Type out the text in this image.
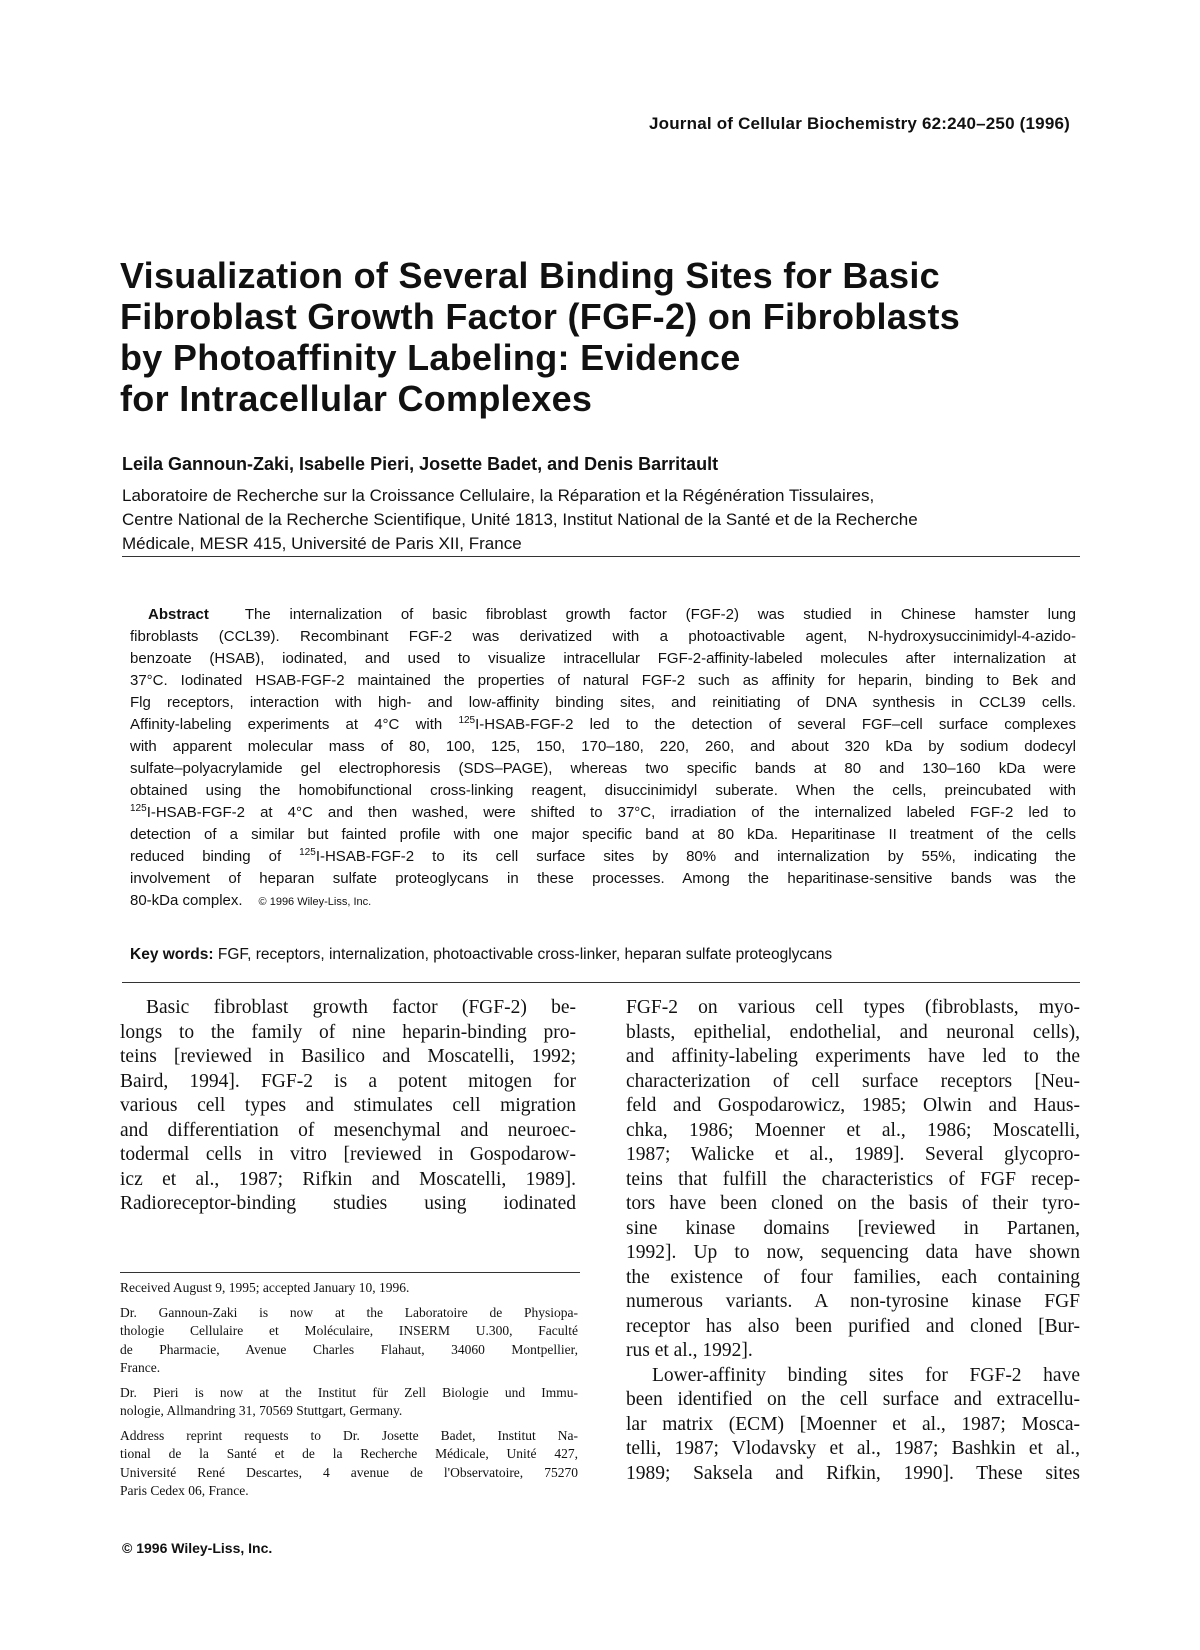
Journal of Cellular Biochemistry 62:240–250 (1996)
Visualization of Several Binding Sites for Basic
Fibroblast Growth Factor (FGF-2) on Fibroblasts
by Photoaffinity Labeling: Evidence
for Intracellular Complexes
Leila Gannoun-Zaki, Isabelle Pieri, Josette Badet, and Denis Barritault
Laboratoire de Recherche sur la Croissance Cellulaire, la Réparation et la Régénération Tissulaires,
Centre National de la Recherche Scientifique, Unité 1813, Institut National de la Santé et de la Recherche
Médicale, MESR 415, Université de Paris XII, France
Abstract The internalization of basic fibroblast growth factor (FGF-2) was studied in Chinese hamster lung
fibroblasts (CCL39). Recombinant FGF-2 was derivatized with a photoactivable agent, N-hydroxysuccinimidyl-4-azido-
benzoate (HSAB), iodinated, and used to visualize intracellular FGF-2-affinity-labeled molecules after internalization at
37°C. Iodinated HSAB-FGF-2 maintained the properties of natural FGF-2 such as affinity for heparin, binding to Bek and
Flg receptors, interaction with high- and low-affinity binding sites, and reinitiating of DNA synthesis in CCL39 cells.
Affinity-labeling experiments at 4°C with $^{125}$I-HSAB-FGF-2 led to the detection of several FGF–cell surface complexes
with apparent molecular mass of 80, 100, 125, 150, 170–180, 220, 260, and about 320 kDa by sodium dodecyl
sulfate–polyacrylamide gel electrophoresis (SDS–PAGE), whereas two specific bands at 80 and 130–160 kDa were
obtained using the homobifunctional cross-linking reagent, disuccinimidyl suberate. When the cells, preincubated with
$^{125}$I-HSAB-FGF-2 at 4°C and then washed, were shifted to 37°C, irradiation of the internalized labeled FGF-2 led to
detection of a similar but fainted profile with one major specific band at 80 kDa. Heparitinase II treatment of the cells
reduced binding of $^{125}$I-HSAB-FGF-2 to its cell surface sites by 80% and internalization by 55%, indicating the
involvement of heparan sulfate proteoglycans in these processes. Among the heparitinase-sensitive bands was the
80-kDa complex. © 1996 Wiley-Liss, Inc.
Key words: FGF, receptors, internalization, photoactivable cross-linker, heparan sulfate proteoglycans
Basic fibroblast growth factor (FGF-2) be-
longs to the family of nine heparin-binding pro-
teins [reviewed in Basilico and Moscatelli, 1992;
Baird, 1994]. FGF-2 is a potent mitogen for
various cell types and stimulates cell migration
and differentiation of mesenchymal and neuroec-
todermal cells in vitro [reviewed in Gospodarow-
icz et al., 1987; Rifkin and Moscatelli, 1989].
Radioreceptor-binding studies using iodinated
FGF-2 on various cell types (fibroblasts, myo-
blasts, epithelial, endothelial, and neuronal cells),
and affinity-labeling experiments have led to the
characterization of cell surface receptors [Neu-
feld and Gospodarowicz, 1985; Olwin and Haus-
chka, 1986; Moenner et al., 1986; Moscatelli,
1987; Walicke et al., 1989]. Several glycopro-
teins that fulfill the characteristics of FGF recep-
tors have been cloned on the basis of their tyro-
sine kinase domains [reviewed in Partanen,
1992]. Up to now, sequencing data have shown
the existence of four families, each containing
numerous variants. A non-tyrosine kinase FGF
receptor has also been purified and cloned [Bur-
rus et al., 1992].
Lower-affinity binding sites for FGF-2 have
been identified on the cell surface and extracellu-
lar matrix (ECM) [Moenner et al., 1987; Mosca-
telli, 1987; Vlodavsky et al., 1987; Bashkin et al.,
1989; Saksela and Rifkin, 1990]. These sites

Received August 9, 1995; accepted January 10, 1996.

Dr. Gannoun-Zaki is now at the Laboratoire de Physiopa-
thologie Cellulaire et Moléculaire, INSERM U.300, Faculté
de Pharmacie, Avenue Charles Flahaut, 34060 Montpellier,
France.

Dr. Pieri is now at the Institut für Zell Biologie und Immu-
nologie, Allmandring 31, 70569 Stuttgart, Germany.

Address reprint requests to Dr. Josette Badet, Institut Na-
tional de la Santé et de la Recherche Médicale, Unité 427,
Université René Descartes, 4 avenue de l'Observatoire, 75270
Paris Cedex 06, France.

© 1996 Wiley-Liss, Inc.
